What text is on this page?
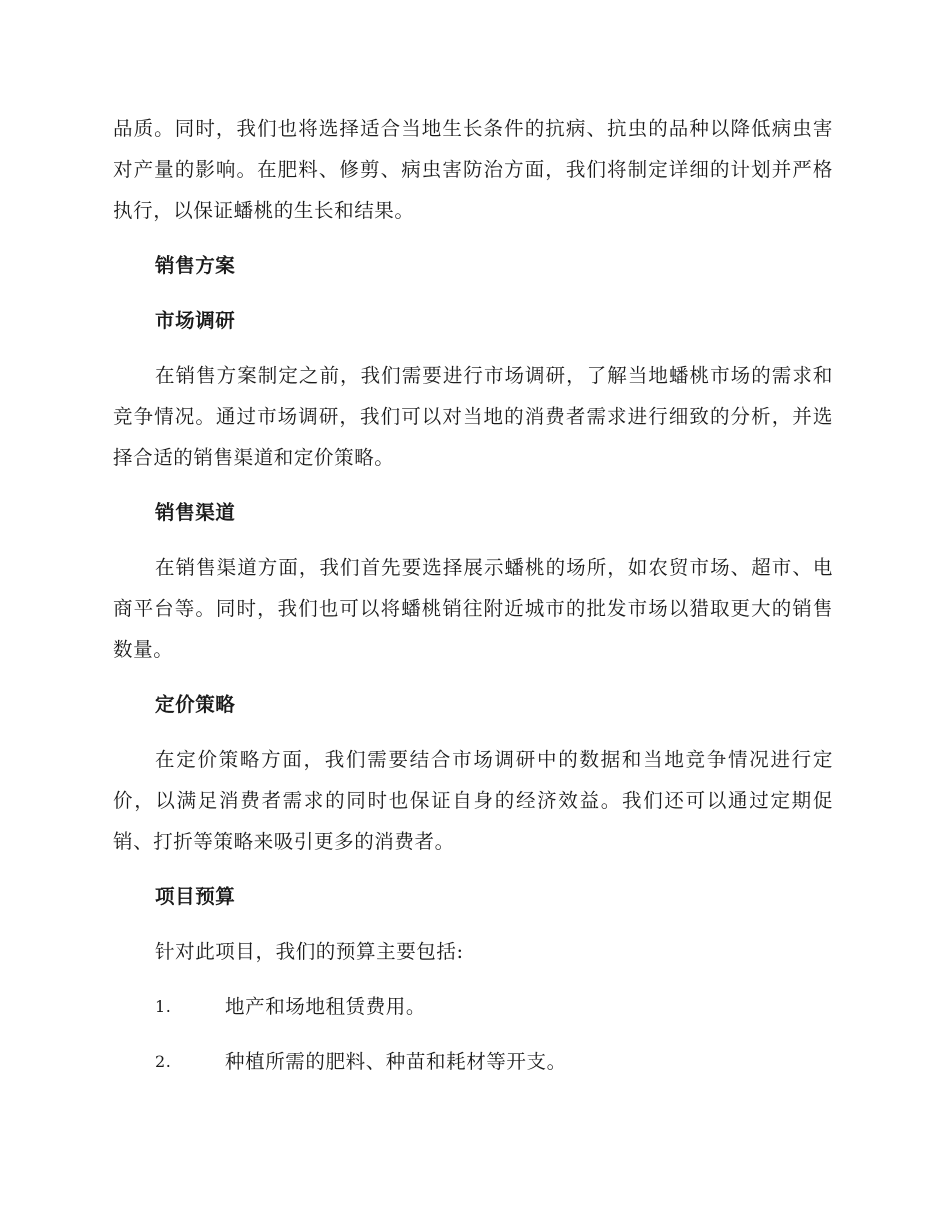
品质。同时，我们也将选择适合当地生长条件的抗病、抗虫的品种以降低病虫害对产量的影响。在肥料、修剪、病虫害防治方面，我们将制定详细的计划并严格执行，以保证蟠桃的生长和结果。

销售方案
市场调研

在销售方案制定之前，我们需要进行市场调研，了解当地蟠桃市场的需求和竞争情况。通过市场调研，我们可以对当地的消费者需求进行细致的分析，并选择合适的销售渠道和定价策略。

销售渠道

在销售渠道方面，我们首先要选择展示蟠桃的场所，如农贸市场、超市、电商平台等。同时，我们也可以将蟠桃销往附近城市的批发市场以猎取更大的销售数量。

定价策略

在定价策略方面，我们需要结合市场调研中的数据和当地竞争情况进行定价，以满足消费者需求的同时也保证自身的经济效益。我们还可以通过定期促销、打折等策略来吸引更多的消费者。

项目预算

针对此项目，我们的预算主要包括:

1.	地产和场地租赁费用。
2.	种植所需的肥料、种苗和耗材等开支。
